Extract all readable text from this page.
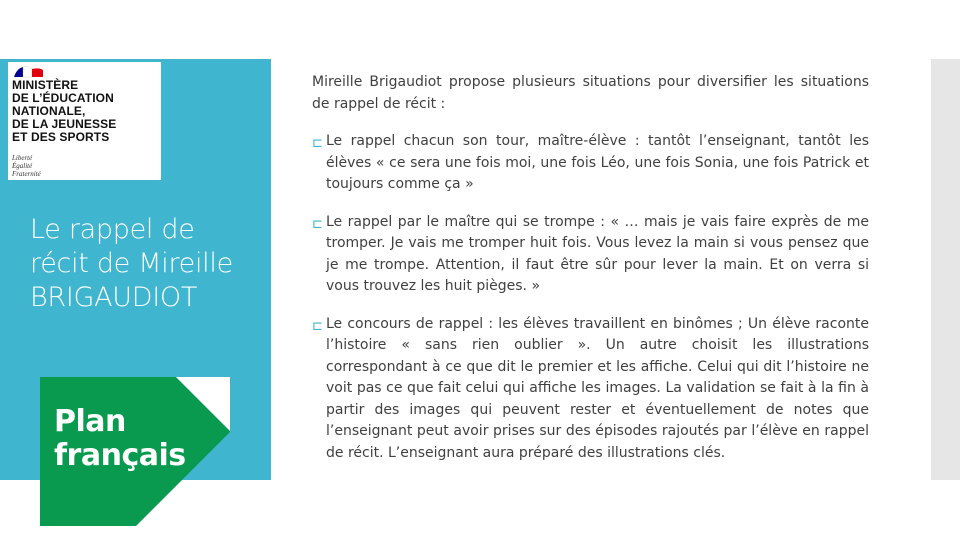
MINISTÈRE
DE L’ÉDUCATION
NATIONALE,
DE LA JEUNESSE
ET DES SPORTS
Liberté
Égalité
Fraternité
Le rappel de
récit de Mireille
BRIGAUDIOT
Plan
français

Mireille Brigaudiot propose plusieurs situations pour diversifier les situations de rappel de récit :

⊏ Le rappel chacun son tour, maître-élève : tantôt l’enseignant, tantôt les élèves « ce sera une fois moi, une fois Léo, une fois Sonia, une fois Patrick et toujours comme ça »
⊏ Le rappel par le maître qui se trompe : « … mais je vais faire exprès de me tromper. Je vais me tromper huit fois. Vous levez la main si vous pensez que je me trompe. Attention, il faut être sûr pour lever la main. Et on verra si vous trouvez les huit pièges. »
⊏ Le concours de rappel : les élèves travaillent en binômes ; Un élève raconte l’histoire « sans rien oublier ». Un autre choisit les illustrations correspondant à ce que dit le premier et les affiche. Celui qui dit l’histoire ne voit pas ce que fait celui qui affiche les images. La validation se fait à la fin à partir des images qui peuvent rester et éventuellement de notes que l’enseignant peut avoir prises sur des épisodes rajoutés par l’élève en rappel de récit. L’enseignant aura préparé des illustrations clés.
